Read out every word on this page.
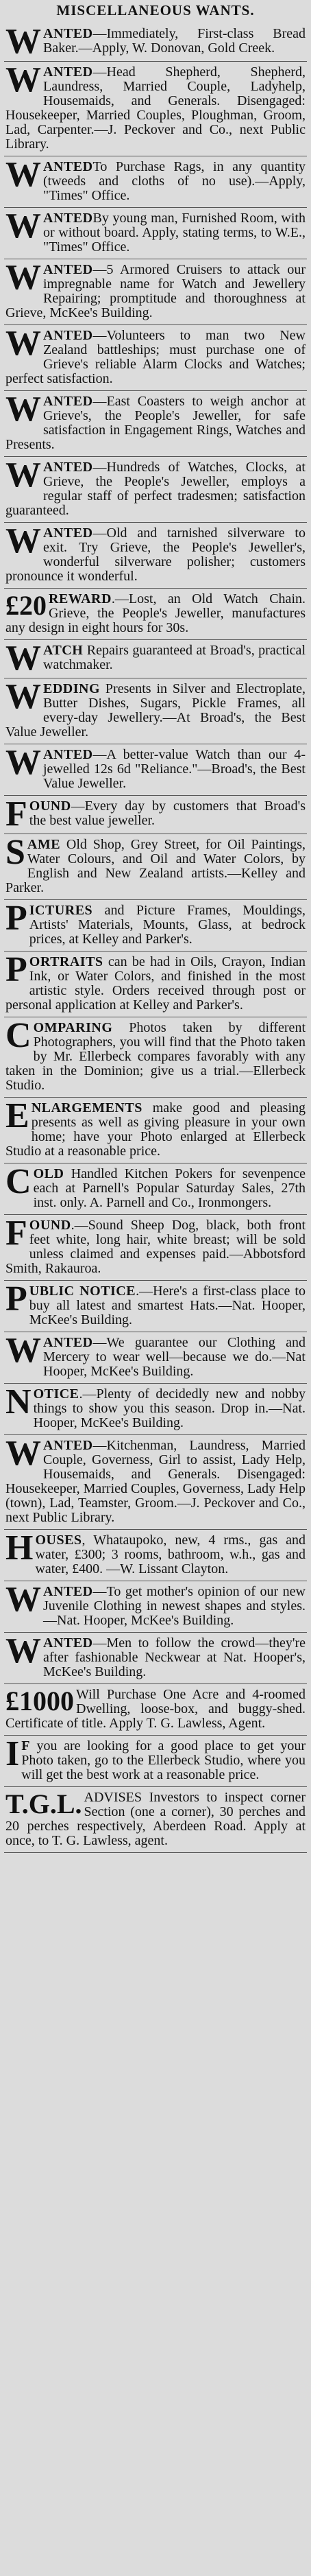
MISCELLANEOUS WANTS.
WANTED—Immediately, First-class Bread Baker.—Apply, W. Donovan, Gold Creek.
WANTED—Head Shepherd, Shepherd, Laundress, Married Couple, Ladyhelp, Housemaids, and Generals. Disengaged: Housekeeper, Married Couples, Ploughman, Groom, Lad, Carpenter.—J. Peckover and Co., next Public Library.
WANTEDTo Purchase Rags, in any quantity (tweeds and cloths of no use).—Apply, "Times" Office.
WANTEDBy young man, Furnished Room, with or without board. Apply, stating terms, to W.E., "Times" Office.
WANTED—5 Armored Cruisers to attack our impregnable name for Watch and Jewellery Repairing; promptitude and thoroughness at Grieve, McKee's Building.
WANTED—Volunteers to man two New Zealand battleships; must purchase one of Grieve's reliable Alarm Clocks and Watches; perfect satisfaction.
WANTED—East Coasters to weigh anchor at Grieve's, the People's Jeweller, for safe satisfaction in Engagement Rings, Watches and Presents.
WANTED—Hundreds of Watches, Clocks, at Grieve, the People's Jeweller, employs a regular staff of perfect tradesmen; satisfaction guaranteed.
WANTED—Old and tarnished silverware to exit. Try Grieve, the People's Jeweller's, wonderful silverware polisher; customers pronounce it wonderful.
£20 REWARD.—Lost, an Old Watch Chain. Grieve, the People's Jeweller, manufactures any design in eight hours for 30s.
WATCH Repairs guaranteed at Broad's, practical watchmaker.
WEDDING Presents in Silver and Electroplate, Butter Dishes, Sugars, Pickle Frames, all every-day Jewellery.—At Broad's, the Best Value Jeweller.
WANTED—A better-value Watch than our 4-jewelled 12s 6d "Reliance."—Broad's, the Best Value Jeweller.
FOUND—Every day by customers that Broad's the best value jeweller.
SAME Old Shop, Grey Street, for Oil Paintings, Water Colours, and Oil and Water Colors, by English and New Zealand artists.—Kelley and Parker.
PICTURES and Picture Frames, Mouldings, Artists' Materials, Mounts, Glass, at bedrock prices, at Kelley and Parker's.
PORTRAITS can be had in Oils, Crayon, Indian Ink, or Water Colors, and finished in the most artistic style. Orders received through post or personal application at Kelley and Parker's.
COMPARING Photos taken by different Photographers, you will find that the Photo taken by Mr. Ellerbeck compares favorably with any taken in the Dominion; give us a trial.—Ellerbeck Studio.
ENLARGEMENTS make good and pleasing presents as well as giving pleasure in your own home; have your Photo enlarged at Ellerbeck Studio at a reasonable price.
COLD Handled Kitchen Pokers for sevenpence each at Parnell's Popular Saturday Sales, 27th inst. only. A. Parnell and Co., Ironmongers.
FOUND.—Sound Sheep Dog, black, both front feet white, long hair, white breast; will be sold unless claimed and expenses paid.—Abbotsford Smith, Rakauroa.
PUBLIC NOTICE.—Here's a first-class place to buy all latest and smartest Hats.—Nat. Hooper, McKee's Building.
WANTED—We guarantee our Clothing and Mercery to wear well—because we do.—Nat Hooper, McKee's Building.
NOTICE.—Plenty of decidedly new and nobby things to show you this season. Drop in.—Nat. Hooper, McKee's Building.
WANTED—Kitchenman, Laundress, Married Couple, Governess, Girl to assist, Lady Help, Housemaids, and Generals. Disengaged: Housekeeper, Married Couples, Governess, Lady Help (town), Lad, Teamster, Groom.—J. Peckover and Co., next Public Library.
HOUSES, Whataupoko, new, 4 rms., gas and water, £300; 3 rooms, bathroom, w.h., gas and water, £400. —W. Lissant Clayton.
WANTED—To get mother's opinion of our new Juvenile Clothing in newest shapes and styles.—Nat. Hooper, McKee's Building.
WANTED—Men to follow the crowd—they're after fashionable Neckwear at Nat. Hooper's, McKee's Building.
£1000 Will Purchase One Acre and 4-roomed Dwelling, loose-box, and buggy-shed. Certificate of title. Apply T. G. Lawless, Agent.
I F you are looking for a good place to get your Photo taken, go to the Ellerbeck Studio, where you will get the best work at a reasonable price.
T.G.L. ADVISES Investors to inspect corner Section (one a corner), 30 perches and 20 perches respectively, Aberdeen Road. Apply at once, to T. G. Lawless, agent.
